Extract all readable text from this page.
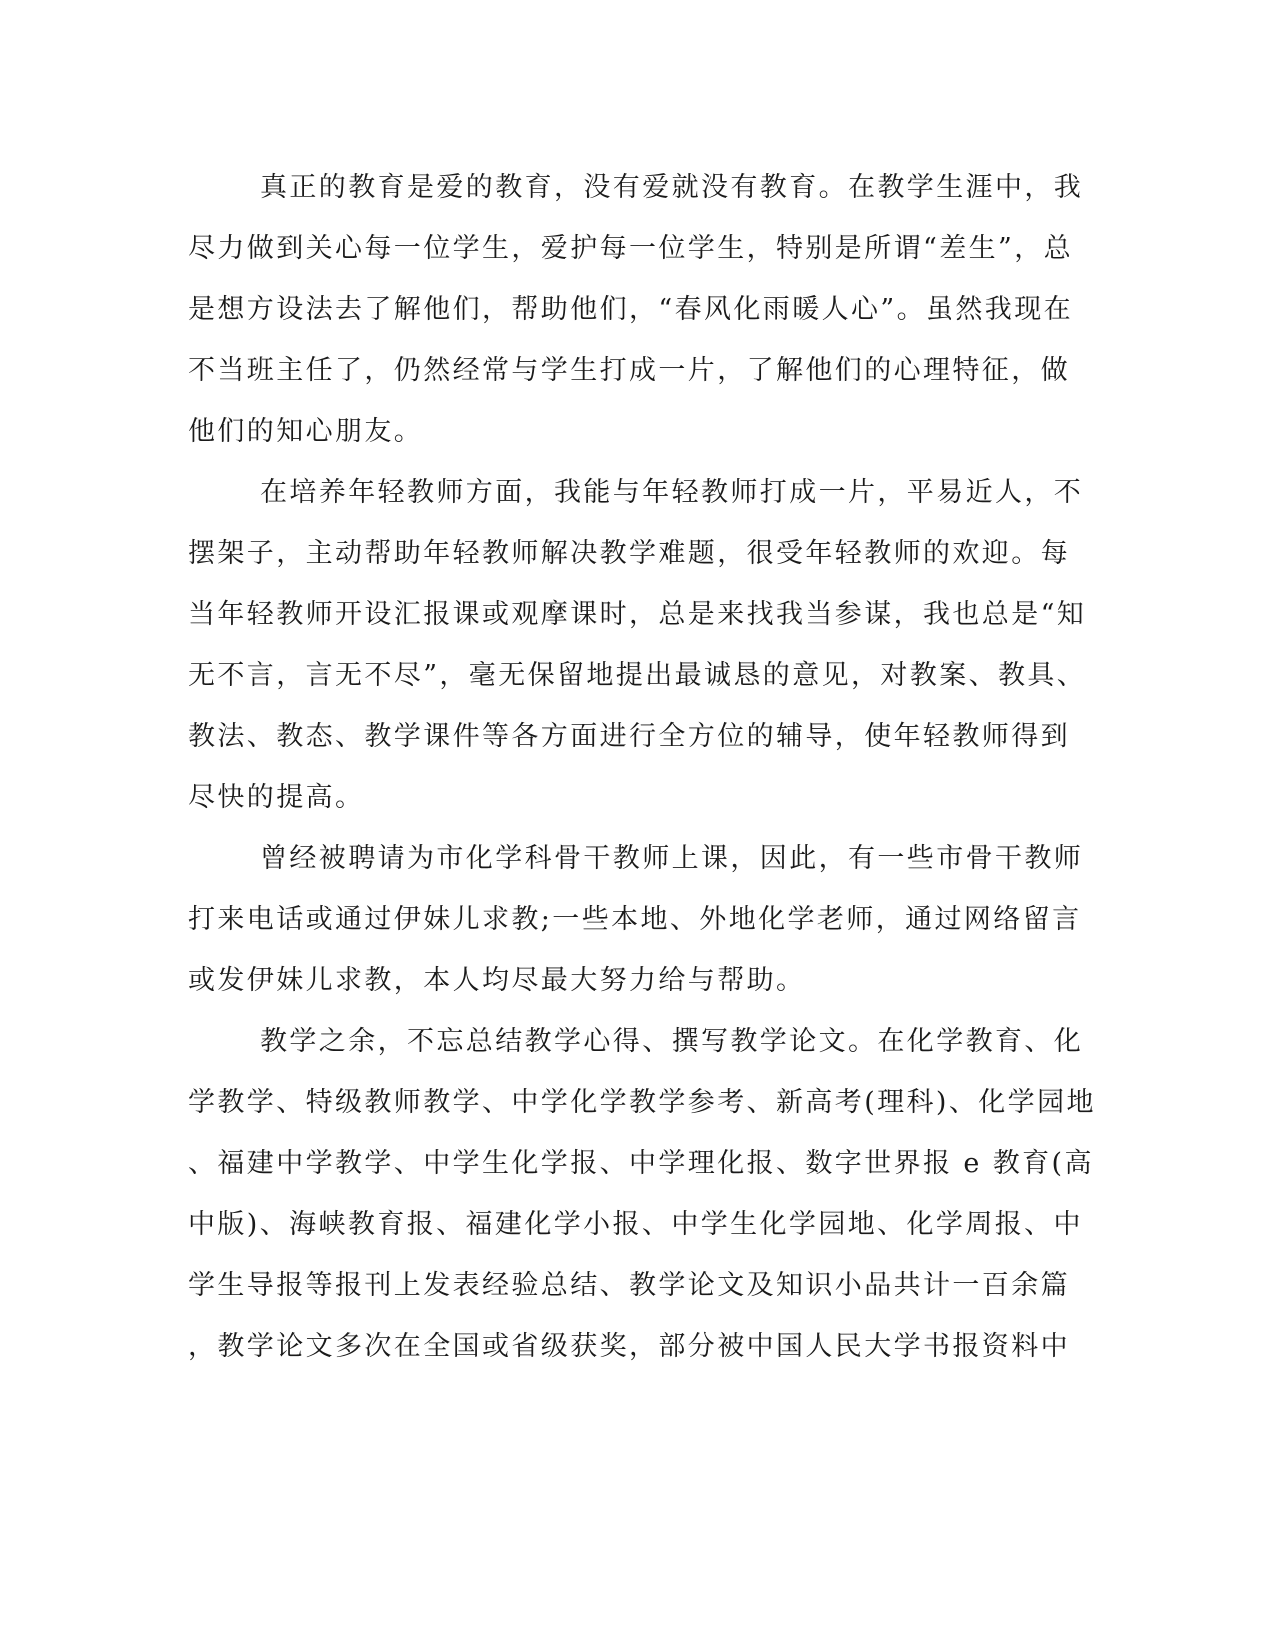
真正的教育是爱的教育，没有爱就没有教育。在教学生涯中，我
尽力做到关心每一位学生，爱护每一位学生，特别是所谓“差生”，总
是想方设法去了解他们，帮助他们，“春风化雨暖人心”。虽然我现在
不当班主任了，仍然经常与学生打成一片，了解他们的心理特征，做
他们的知心朋友。
在培养年轻教师方面，我能与年轻教师打成一片，平易近人，不
摆架子，主动帮助年轻教师解决教学难题，很受年轻教师的欢迎。每
当年轻教师开设汇报课或观摩课时，总是来找我当参谋，我也总是“知
无不言，言无不尽”，毫无保留地提出最诚恳的意见，对教案、教具、
教法、教态、教学课件等各方面进行全方位的辅导，使年轻教师得到
尽快的提高。
曾经被聘请为市化学科骨干教师上课，因此，有一些市骨干教师
打来电话或通过伊妹儿求教;一些本地、外地化学老师，通过网络留言
或发伊妹儿求教，本人均尽最大努力给与帮助。
教学之余，不忘总结教学心得、撰写教学论文。在化学教育、化
学教学、特级教师教学、中学化学教学参考、新高考(理科)、化学园地
、福建中学教学、中学生化学报、中学理化报、数字世界报 e 教育(高
中版)、海峡教育报、福建化学小报、中学生化学园地、化学周报、中
学生导报等报刊上发表经验总结、教学论文及知识小品共计一百余篇
，教学论文多次在全国或省级获奖，部分被中国人民大学书报资料中
